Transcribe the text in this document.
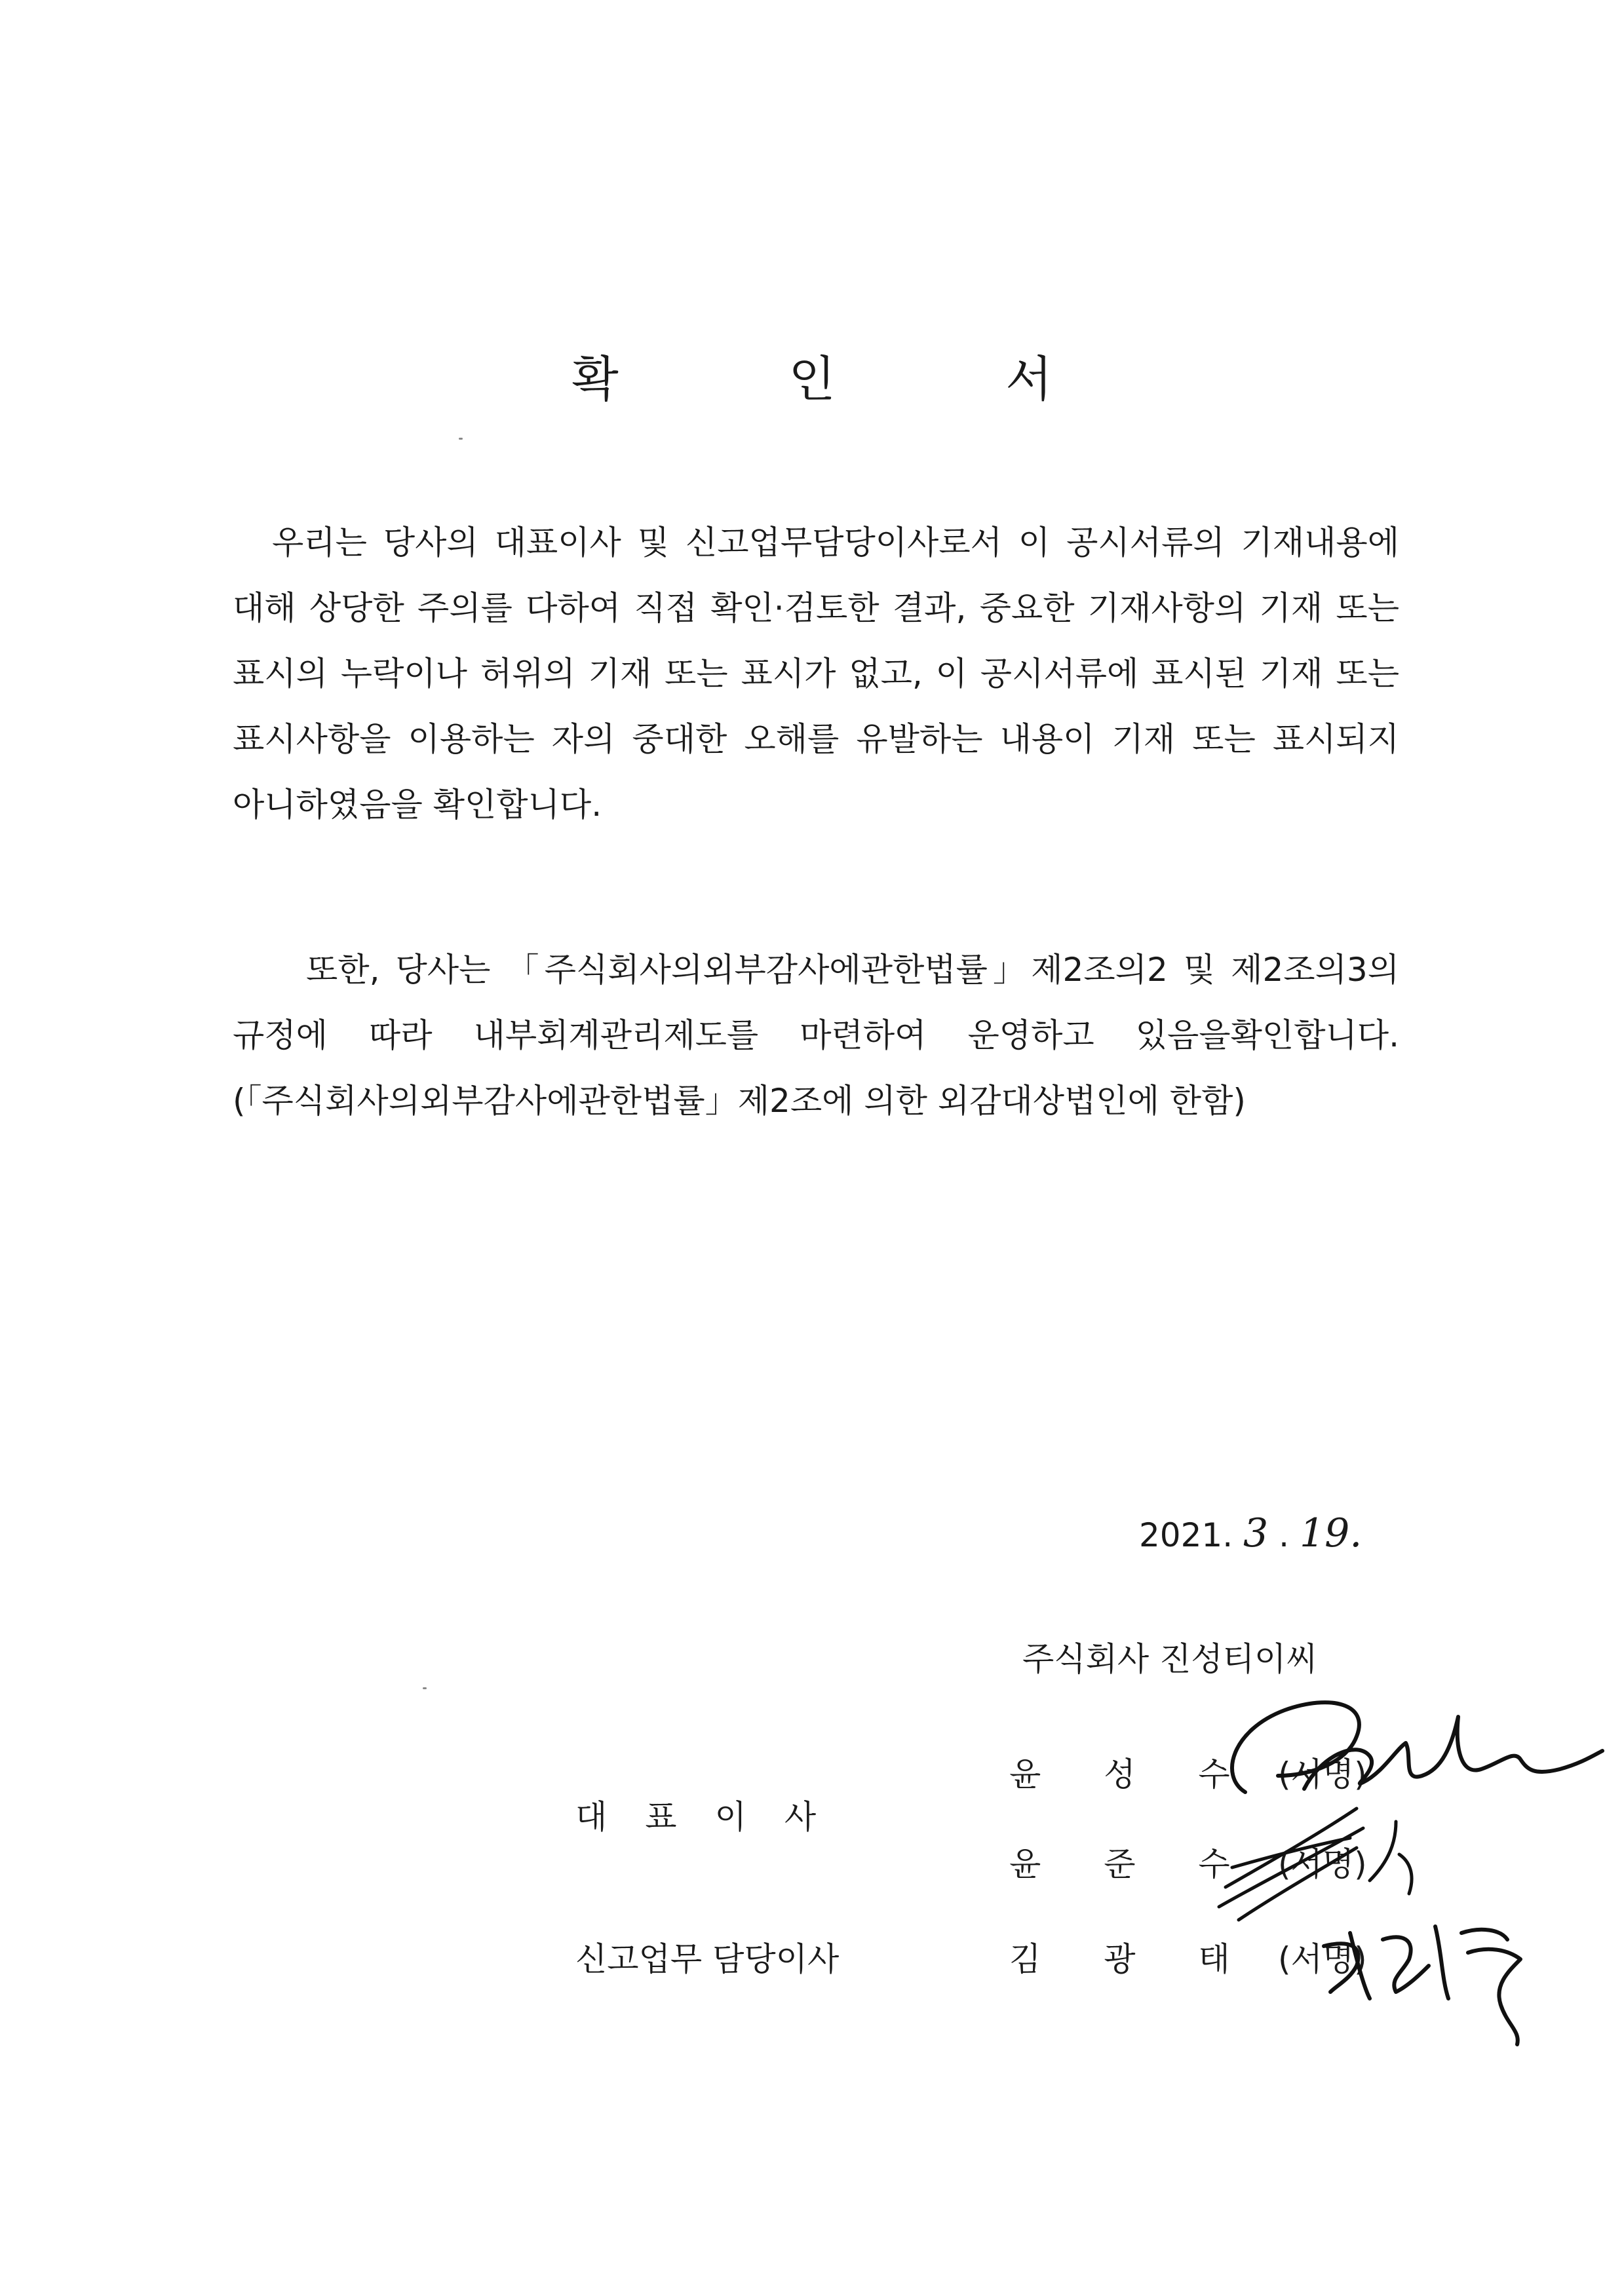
확 인 서
우리는 당사의 대표이사 및 신고업무담당이사로서 이 공시서류의 기재내용에 대해 상당한 주의를 다하여 직접 확인·검토한 결과, 중요한 기재사항의 기재 또는 표시의 누락이나 허위의 기재 또는 표시가 없고, 이 공시서류에 표시된 기재 또는 표시사항을 이용하는 자의 중대한 오해를 유발하는 내용이 기재 또는 표시되지 아니하였음을 확인합니다.
또한, 당사는 「주식회사의외부감사에관한법률」제2조의2 및 제2조의3의 규정에 따라 내부회계관리제도를 마련하여 운영하고 있음을확인합니다.(「주식회사의외부감사에관한법률」제2조에 의한 외감대상법인에 한함)
2021. 3 . 19.
주식회사 진성티이씨
대표이사
신고업무 담당이사
윤 성 수
윤 준 수
김 광 태
(서명)
(서명)
(서명)
